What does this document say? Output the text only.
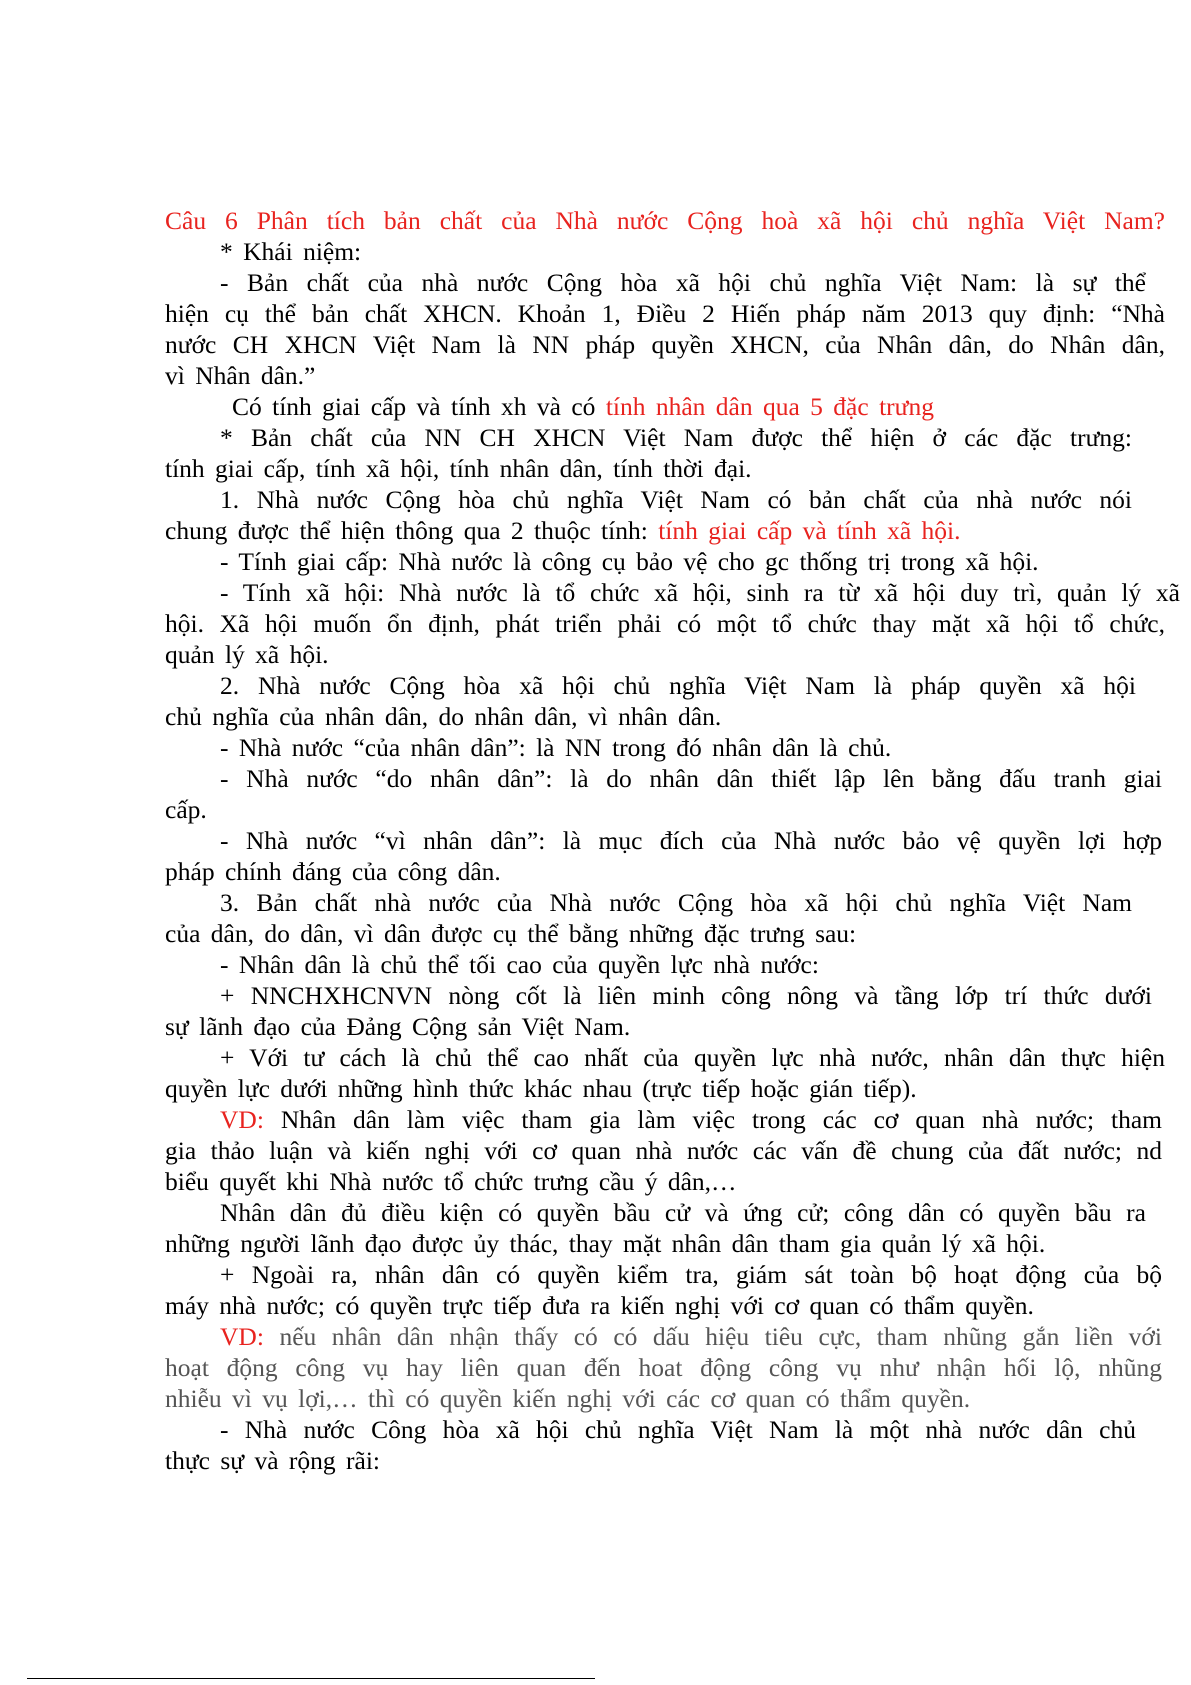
Câu 6 Phân tích bản chất của Nhà nước Cộng hoà xã hội chủ nghĩa Việt Nam?
* Khái niệm:
- Bản chất của nhà nước Cộng hòa xã hội chủ nghĩa Việt Nam: là sự thể
hiện cụ thể bản chất XHCN. Khoản 1, Điều 2 Hiến pháp năm 2013 quy định: “Nhà
nước CH XHCN Việt Nam là NN pháp quyền XHCN, của Nhân dân, do Nhân dân,
vì Nhân dân.”
Có tính giai cấp và tính xh và có tính nhân dân qua 5 đặc trưng
* Bản chất của NN CH XHCN Việt Nam được thể hiện ở các đặc trưng:
tính giai cấp, tính xã hội, tính nhân dân, tính thời đại.
1. Nhà nước Cộng hòa chủ nghĩa Việt Nam có bản chất của nhà nước nói
chung được thể hiện thông qua 2 thuộc tính: tính giai cấp và tính xã hội.
- Tính giai cấp: Nhà nước là công cụ bảo vệ cho gc thống trị trong xã hội.
- Tính xã hội: Nhà nước là tổ chức xã hội, sinh ra từ xã hội duy trì, quản lý xã
hội. Xã hội muốn ổn định, phát triển phải có một tổ chức thay mặt xã hội tổ chức,
quản lý xã hội.
2. Nhà nước Cộng hòa xã hội chủ nghĩa Việt Nam là pháp quyền xã hội
chủ nghĩa của nhân dân, do nhân dân, vì nhân dân.
- Nhà nước “của nhân dân”: là NN trong đó nhân dân là chủ.
- Nhà nước “do nhân dân”: là do nhân dân thiết lập lên bằng đấu tranh giai
cấp.
- Nhà nước “vì nhân dân”: là mục đích của Nhà nước bảo vệ quyền lợi hợp
pháp chính đáng của công dân.
3. Bản chất nhà nước của Nhà nước Cộng hòa xã hội chủ nghĩa Việt Nam
của dân, do dân, vì dân được cụ thể bằng những đặc trưng sau:
- Nhân dân là chủ thể tối cao của quyền lực nhà nước:
+ NNCHXHCNVN nòng cốt là liên minh công nông và tầng lớp trí thức dưới
sự lãnh đạo của Đảng Cộng sản Việt Nam.
+ Với tư cách là chủ thể cao nhất của quyền lực nhà nước, nhân dân thực hiện
quyền lực dưới những hình thức khác nhau (trực tiếp hoặc gián tiếp).
VD: Nhân dân làm việc tham gia làm việc trong các cơ quan nhà nước; tham
gia thảo luận và kiến nghị với cơ quan nhà nước các vấn đề chung của đất nước; nd
biểu quyết khi Nhà nước tổ chức trưng cầu ý dân,…
Nhân dân đủ điều kiện có quyền bầu cử và ứng cử; công dân có quyền bầu ra
những người lãnh đạo được ủy thác, thay mặt nhân dân tham gia quản lý xã hội.
+ Ngoài ra, nhân dân có quyền kiểm tra, giám sát toàn bộ hoạt động của bộ
máy nhà nước; có quyền trực tiếp đưa ra kiến nghị với cơ quan có thẩm quyền.
VD: nếu nhân dân nhận thấy có có dấu hiệu tiêu cực, tham nhũng gắn liền với
hoạt động công vụ hay liên quan đến hoat động công vụ như nhận hối lộ, nhũng
nhiễu vì vụ lợi,… thì có quyền kiến nghị với các cơ quan có thẩm quyền.
- Nhà nước Công hòa xã hội chủ nghĩa Việt Nam là một nhà nước dân chủ
thực sự và rộng rãi:
